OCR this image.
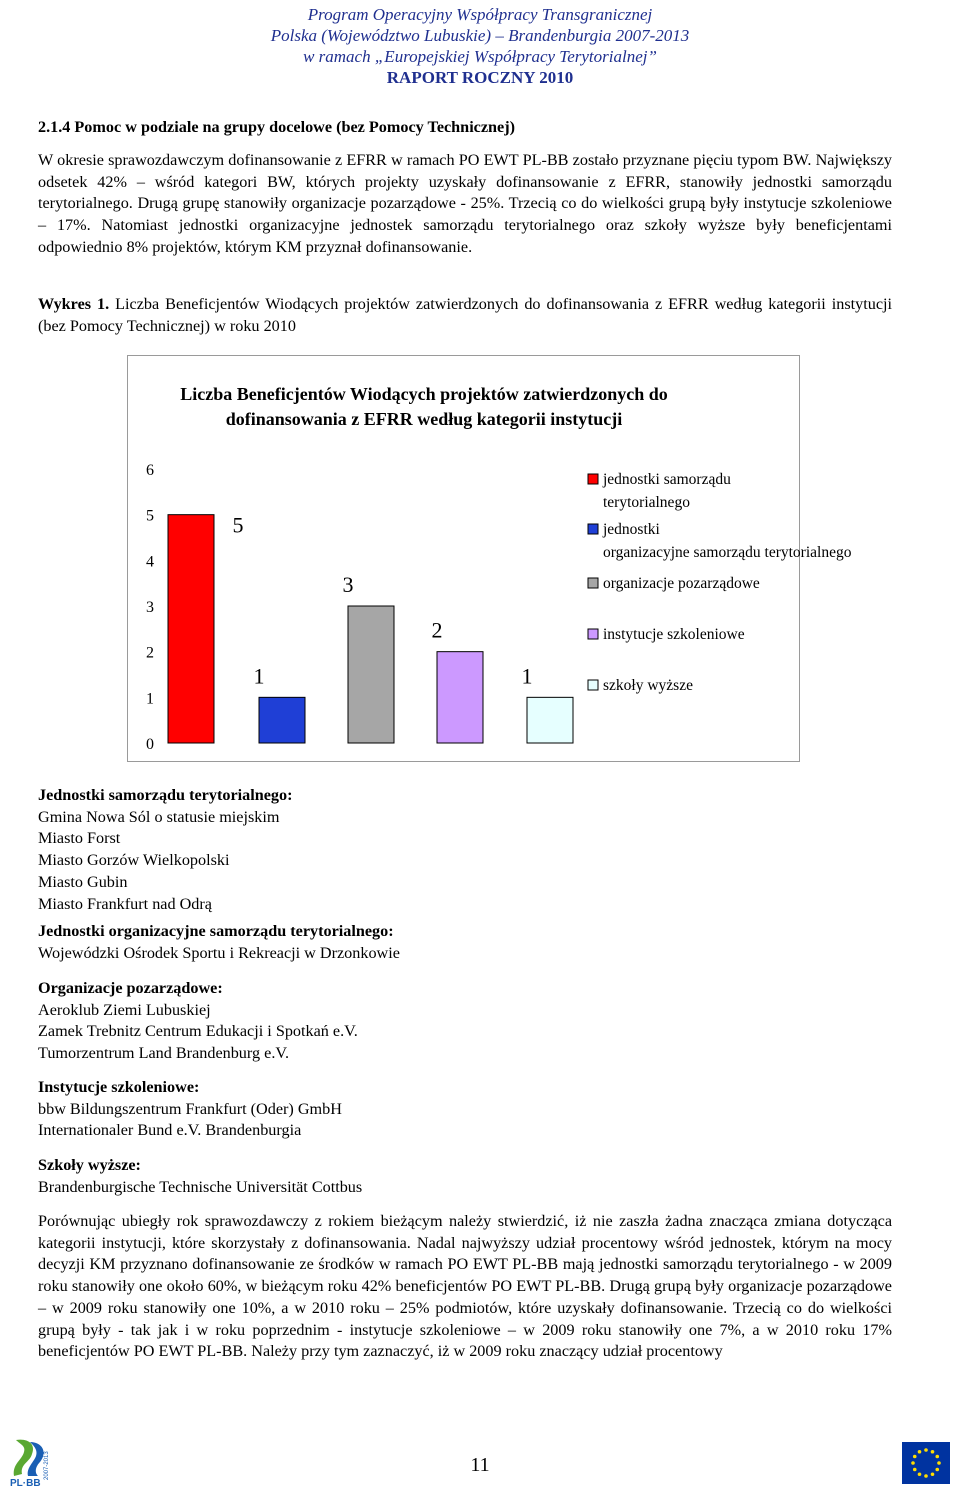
Program Operacyjny Współpracy Transgranicznej
Polska (Województwo Lubuskie) – Brandenburgia 2007-2013
w ramach „Europejskiej Współpracy Terytorialnej”
RAPORT ROCZNY 2010
2.1.4 Pomoc w podziale na grupy docelowe (bez Pomocy Technicznej)
W okresie sprawozdawczym dofinansowanie z EFRR w ramach PO EWT PL-BB zostało przyznane pięciu typom BW. Największy odsetek 42% – wśród kategori BW, których projekty uzyskały dofinansowanie z EFRR, stanowiły jednostki samorządu terytorialnego. Drugą grupę stanowiły organizacje pozarządowe - 25%. Trzecią co do wielkości grupą były instytucje szkoleniowe – 17%. Natomiast jednostki organizacyjne jednostek samorządu terytorialnego oraz szkoły wyższe były beneficjentami odpowiednio 8% projektów, którym KM przyznał dofinansowanie.
Wykres 1. Liczba Beneficjentów Wiodących projektów zatwierdzonych do dofinansowania z EFRR według kategorii instytucji (bez Pomocy Technicznej) w roku 2010
Liczba Beneficjentów Wiodących projektów zatwierdzonych do dofinansowania z EFRR według kategorii instytucji
0
1
2
3
4
5
6
5
1
3
2
1
jednostki samorządu
terytorialnego
jednostki
organizacyjne samorządu terytorialnego
organizacje pozarządowe
instytucje szkoleniowe
szkoły wyższe
Jednostki samorządu terytorialnego:
Gmina Nowa Sól o statusie miejskim
Miasto Forst
Miasto Gorzów Wielkopolski
Miasto Gubin
Miasto Frankfurt nad Odrą
Jednostki organizacyjne samorządu terytorialnego:
Wojewódzki Ośrodek Sportu i Rekreacji w Drzonkowie
Organizacje pozarządowe:
Aeroklub Ziemi Lubuskiej
Zamek Trebnitz Centrum Edukacji i Spotkań e.V.
Tumorzentrum Land Brandenburg e.V.
Instytucje szkoleniowe:
bbw Bildungszentrum Frankfurt (Oder) GmbH
Internationaler Bund e.V. Brandenburgia
Szkoły wyższe:
Brandenburgische Technische Universität Cottbus
Porównując ubiegły rok sprawozdawczy z rokiem bieżącym należy stwierdzić, iż nie zaszła żadna znacząca zmiana dotycząca kategorii instytucji, które skorzystały z dofinansowania. Nadal najwyższy udział procentowy wśród jednostek, którym na mocy decyzji KM przyznano dofinansowanie ze środków w ramach PO EWT PL-BB mają jednostki samorządu terytorialnego - w 2009 roku stanowiły one około 60%, w bieżącym roku 42% beneficjentów PO EWT PL-BB. Drugą grupą były organizacje pozarządowe – w 2009 roku stanowiły one 10%, a w 2010 roku – 25% podmiotów, które uzyskały dofinansowanie. Trzecią co do wielkości grupą były - tak jak i w roku poprzednim - instytucje szkoleniowe – w 2009 roku stanowiły one 7%, a w 2010 roku 17% beneficjentów PO EWT PL-BB. Należy przy tym zaznaczyć, iż w 2009 roku znaczący udział procentowy
PL·BB
2007-2013	11
